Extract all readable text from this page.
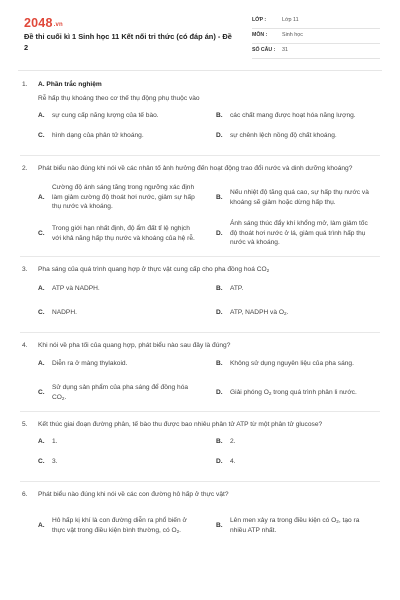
2048.vn
Đề thi cuối kì 1 Sinh học 11 Kết nối tri thức (có đáp án) - Đề 2
LỚP :	Lớp 11
MÔN :	Sinh học
SỐ CÂU :	31
1. A. Phần trắc nghiệm
Rễ hấp thụ khoáng theo cơ thế thụ động phụ thuộc vào
A.	sự cung cấp năng lượng của tế bào.	B.	các chất mang được hoạt hóa năng lượng.
C.	hình dạng của phân tử khoáng.	D.	sự chênh lệch nồng độ chất khoáng.
2. Phát biểu nào đúng khi nói về các nhân tố ảnh hưởng đến hoạt động trao đổi nước và dinh dưỡng khoáng?
A.
Cường độ ánh sáng tăng trong ngưỡng xác định làm giảm cường độ thoát hơi nước, giảm sự hấp thụ nước và khoáng.
B.
Nếu nhiệt độ tăng quá cao, sự hấp thụ nước và khoáng sẽ giảm hoặc dừng hấp thụ.
C.
Trong giới hạn nhất định, độ ẩm đất tỉ lệ nghịch với khả năng hấp thụ nước và khoáng của hệ rễ.
D.
Ánh sáng thúc đẩy khí khổng mở, làm giảm tốc độ thoát hơi nước ở lá, giảm quá trình hấp thụ nước và khoáng.
3. Pha sáng của quá trình quang hợp ở thực vật cung cấp cho pha đồng hoá $CO_2$
A.	ATP và NADPH.	B.	ATP.
C.	NADPH.	D.	ATP, NADPH và $O_2$.
4. Khi nói về pha tối của quang hợp, phát biểu nào sau đây là đúng?
A.	Diễn ra ở màng thylakoid.	B.	Không sử dụng nguyên liệu của pha sáng.
C.
Sử dụng sản phẩm của pha sáng để đồng hóa $CO_2$.
D.	Giải phóng $O_2$ trong quá trình phân li nước.
5. Kết thúc giai đoạn đường phân, tế bào thu được bao nhiêu phân tử ATP từ một phân tử glucose?
A.	1.	B.	2.
C.	3.	D.	4.
6. Phát biểu nào đúng khi nói về các con đường hô hấp ở thực vật?
A.
Hô hấp kị khí là con đường diễn ra phổ biến ở thực vật trong điều kiện bình thường, có $O_2$.
B.
Lên men xảy ra trong điều kiện có $O_2$, tạo ra nhiều ATP nhất.
